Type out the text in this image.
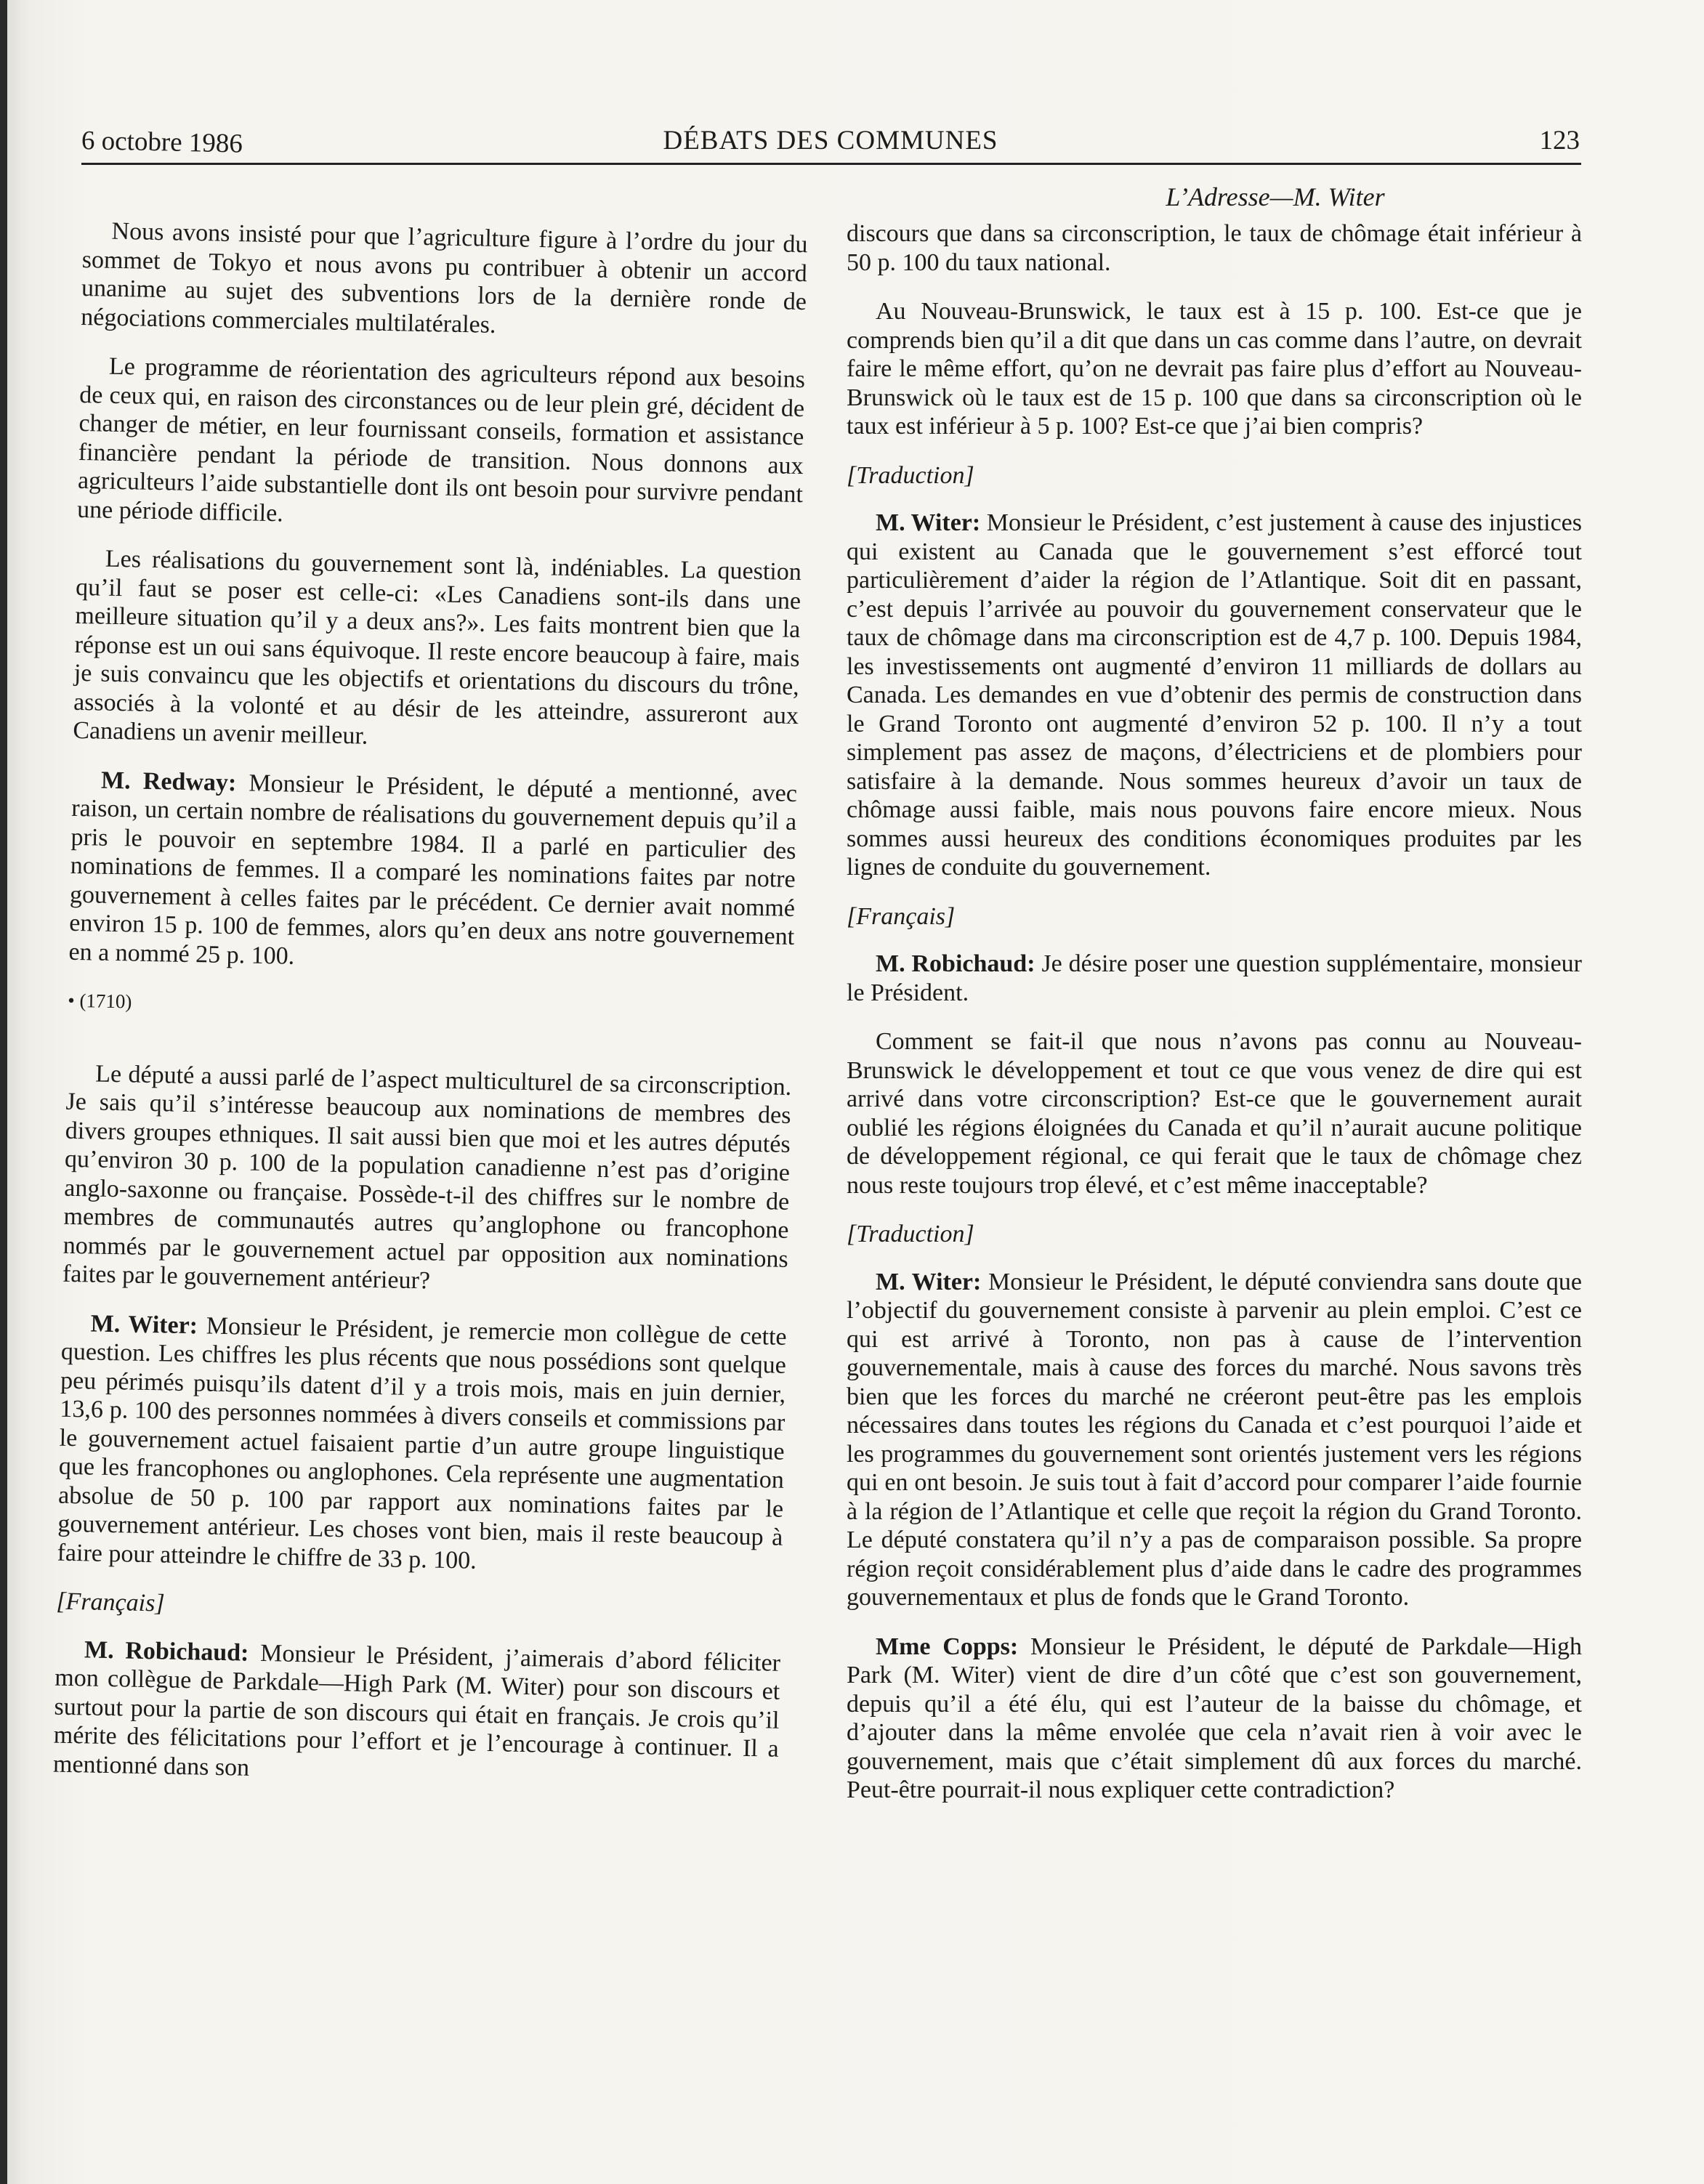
6 octobre 1986	DÉBATS DES COMMUNES	123
L’Adresse—M. Witer

Nous avons insisté pour que l’agriculture figure à l’ordre du jour du sommet de Tokyo et nous avons pu contribuer à obtenir un accord unanime au sujet des subventions lors de la dernière ronde de négociations commerciales multilatérales.

Le programme de réorientation des agriculteurs répond aux besoins de ceux qui, en raison des circonstances ou de leur plein gré, décident de changer de métier, en leur fournissant conseils, formation et assistance financière pendant la période de transition. Nous donnons aux agriculteurs l’aide substantielle dont ils ont besoin pour survivre pendant une période difficile.

Les réalisations du gouvernement sont là, indéniables. La question qu’il faut se poser est celle-ci: «Les Canadiens sont-ils dans une meilleure situation qu’il y a deux ans?». Les faits montrent bien que la réponse est un oui sans équivoque. Il reste encore beaucoup à faire, mais je suis convaincu que les objectifs et orientations du discours du trône, associés à la volonté et au désir de les atteindre, assureront aux Canadiens un avenir meilleur.

M. Redway: Monsieur le Président, le député a mentionné, avec raison, un certain nombre de réalisations du gouvernement depuis qu’il a pris le pouvoir en septembre 1984. Il a parlé en particulier des nominations de femmes. Il a comparé les nominations faites par notre gouvernement à celles faites par le précédent. Ce dernier avait nommé environ 15 p. 100 de femmes, alors qu’en deux ans notre gouvernement en a nommé 25 p. 100.

• (1710)

Le député a aussi parlé de l’aspect multiculturel de sa circonscription. Je sais qu’il s’intéresse beaucoup aux nominations de membres des divers groupes ethniques. Il sait aussi bien que moi et les autres députés qu’environ 30 p. 100 de la population canadienne n’est pas d’origine anglo-saxonne ou française. Possède-t-il des chiffres sur le nombre de membres de communautés autres qu’anglophone ou francophone nommés par le gouvernement actuel par opposition aux nominations faites par le gouvernement antérieur?

M. Witer: Monsieur le Président, je remercie mon collègue de cette question. Les chiffres les plus récents que nous possédions sont quelque peu périmés puisqu’ils datent d’il y a trois mois, mais en juin dernier, 13,6 p. 100 des personnes nommées à divers conseils et commissions par le gouvernement actuel faisaient partie d’un autre groupe linguistique que les francophones ou anglophones. Cela représente une augmentation absolue de 50 p. 100 par rapport aux nominations faites par le gouvernement antérieur. Les choses vont bien, mais il reste beaucoup à faire pour atteindre le chiffre de 33 p. 100.

[Français]

M. Robichaud: Monsieur le Président, j’aimerais d’abord féliciter mon collègue de Parkdale—High Park (M. Witer) pour son discours et surtout pour la partie de son discours qui était en français. Je crois qu’il mérite des félicitations pour l’effort et je l’encourage à continuer. Il a mentionné dans son

discours que dans sa circonscription, le taux de chômage était inférieur à 50 p. 100 du taux national.

Au Nouveau-Brunswick, le taux est à 15 p. 100. Est-ce que je comprends bien qu’il a dit que dans un cas comme dans l’autre, on devrait faire le même effort, qu’on ne devrait pas faire plus d’effort au Nouveau-Brunswick où le taux est de 15 p. 100 que dans sa circonscription où le taux est inférieur à 5 p. 100? Est-ce que j’ai bien compris?

[Traduction]

M. Witer: Monsieur le Président, c’est justement à cause des injustices qui existent au Canada que le gouvernement s’est efforcé tout particulièrement d’aider la région de l’Atlantique. Soit dit en passant, c’est depuis l’arrivée au pouvoir du gouvernement conservateur que le taux de chômage dans ma circonscription est de 4,7 p. 100. Depuis 1984, les investissements ont augmenté d’environ 11 milliards de dollars au Canada. Les demandes en vue d’obtenir des permis de construction dans le Grand Toronto ont augmenté d’environ 52 p. 100. Il n’y a tout simplement pas assez de maçons, d’électriciens et de plombiers pour satisfaire à la demande. Nous sommes heureux d’avoir un taux de chômage aussi faible, mais nous pouvons faire encore mieux. Nous sommes aussi heureux des conditions économiques produites par les lignes de conduite du gouvernement.

[Français]

M. Robichaud: Je désire poser une question supplémentaire, monsieur le Président.

Comment se fait-il que nous n’avons pas connu au Nouveau-Brunswick le développement et tout ce que vous venez de dire qui est arrivé dans votre circonscription? Est-ce que le gouvernement aurait oublié les régions éloignées du Canada et qu’il n’aurait aucune politique de développement régional, ce qui ferait que le taux de chômage chez nous reste toujours trop élevé, et c’est même inacceptable?

[Traduction]

M. Witer: Monsieur le Président, le député conviendra sans doute que l’objectif du gouvernement consiste à parvenir au plein emploi. C’est ce qui est arrivé à Toronto, non pas à cause de l’intervention gouvernementale, mais à cause des forces du marché. Nous savons très bien que les forces du marché ne créeront peut-être pas les emplois nécessaires dans toutes les régions du Canada et c’est pourquoi l’aide et les programmes du gouvernement sont orientés justement vers les régions qui en ont besoin. Je suis tout à fait d’accord pour comparer l’aide fournie à la région de l’Atlantique et celle que reçoit la région du Grand Toronto. Le député constatera qu’il n’y a pas de comparaison possible. Sa propre région reçoit considérablement plus d’aide dans le cadre des programmes gouvernementaux et plus de fonds que le Grand Toronto.

Mme Copps: Monsieur le Président, le député de Parkdale—High Park (M. Witer) vient de dire d’un côté que c’est son gouvernement, depuis qu’il a été élu, qui est l’auteur de la baisse du chômage, et d’ajouter dans la même envolée que cela n’avait rien à voir avec le gouvernement, mais que c’était simplement dû aux forces du marché. Peut-être pourrait-il nous expliquer cette contradiction?
